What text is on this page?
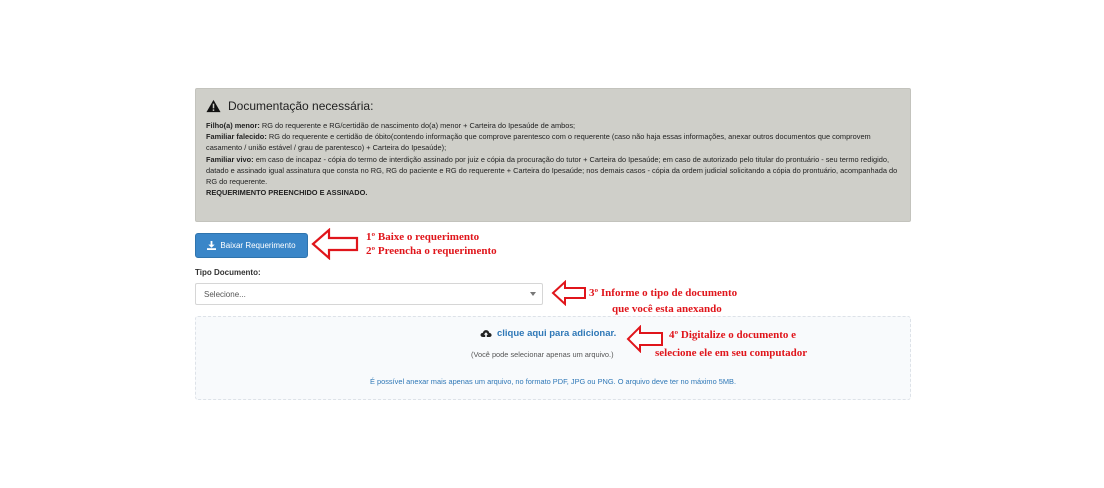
Documentação necessária:

Filho(a) menor: RG do requerente e RG/certidão de nascimento do(a) menor + Carteira do Ipesaúde de ambos;

Familiar falecido: RG do requerente e certidão de óbito(contendo informação que comprove parentesco com o requerente (caso não haja essas informações, anexar outros documentos que comprovem casamento / união estável / grau de parentesco) + Carteira do Ipesaúde);

Familiar vivo: em caso de incapaz - cópia do termo de interdição assinado por juiz e cópia da procuração do tutor + Carteira do Ipesaúde; em caso de autorizado pelo titular do prontuário - seu termo redigido, datado e assinado igual assinatura que consta no RG, RG do paciente e RG do requerente + Carteira do Ipesaúde; nos demais casos - cópia da ordem judicial solicitando a cópia do prontuário, acompanhada do RG do requerente.

REQUERIMENTO PREENCHIDO E ASSINADO.

Baixar Requerimento
Tipo Documento:
Selecione...
clique aqui para adicionar.
(Você pode selecionar apenas um arquivo.)
É possível anexar mais apenas um arquivo, no formato PDF, JPG ou PNG. O arquivo deve ter no máximo 5MB.
1º Baixe o requerimento
2º Preencha o requerimento
3º Informe o tipo de documento
que você esta anexando
4º Digitalize o documento e
selecione ele em seu computador
